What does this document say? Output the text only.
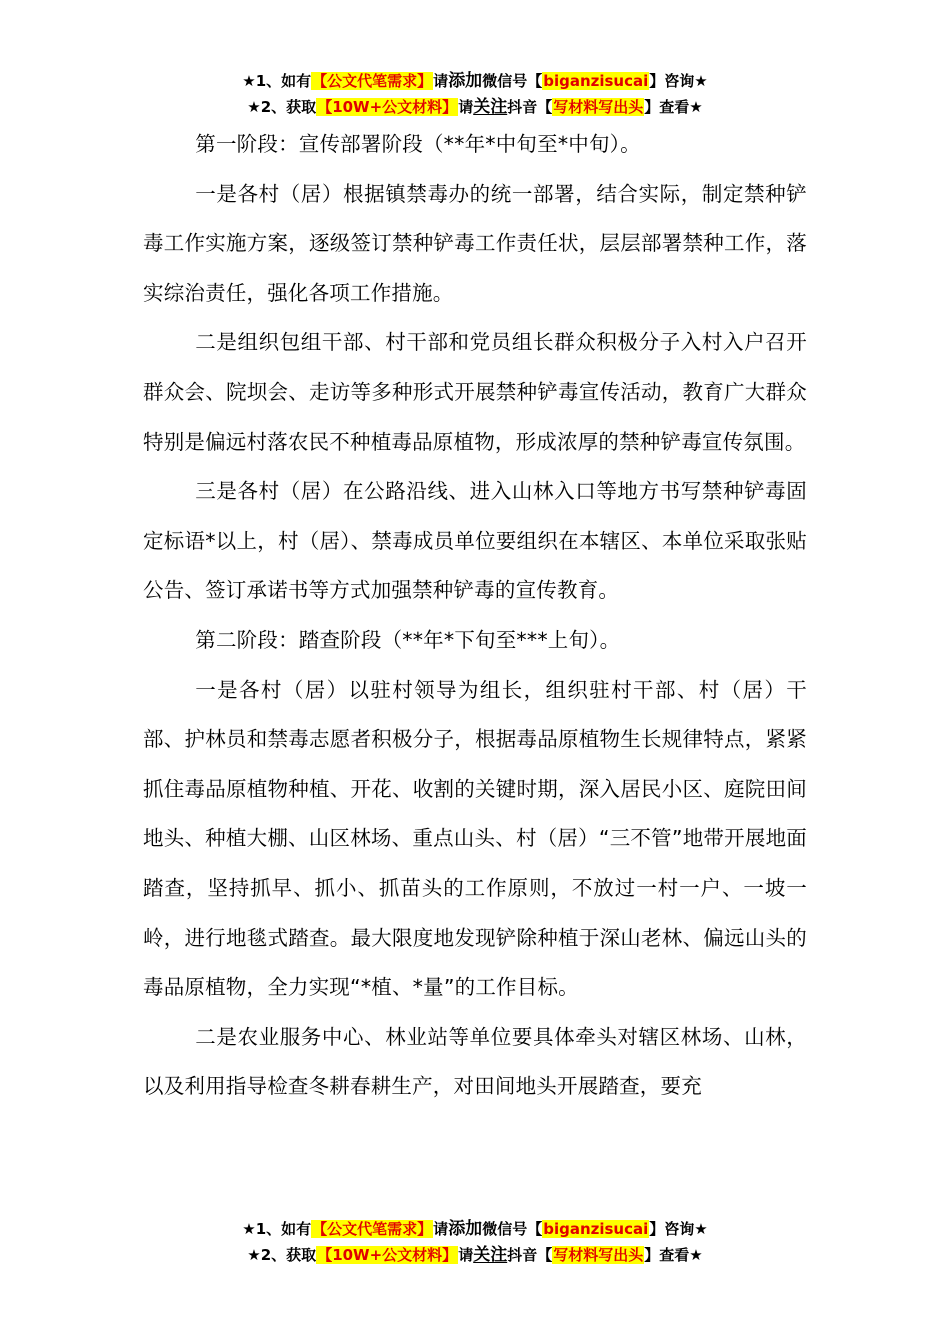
★1、如有【公文代笔需求】请添加微信号【biganzisucai】咨询★
★2、获取【10W+公文材料】请关注抖音【写材料写出头】查看★

第一阶段：宣传部署阶段（**年*中旬至*中旬）。

一是各村（居）根据镇禁毒办的统一部署，结合实际，制定禁种铲毒工作实施方案，逐级签订禁种铲毒工作责任状，层层部署禁种工作，落实综治责任，强化各项工作措施。

二是组织包组干部、村干部和党员组长群众积极分子入村入户召开群众会、院坝会、走访等多种形式开展禁种铲毒宣传活动，教育广大群众特别是偏远村落农民不种植毒品原植物，形成浓厚的禁种铲毒宣传氛围。

三是各村（居）在公路沿线、进入山林入口等地方书写禁种铲毒固定标语*以上，村（居）、禁毒成员单位要组织在本辖区、本单位采取张贴公告、签订承诺书等方式加强禁种铲毒的宣传教育。

第二阶段：踏查阶段（**年*下旬至***上旬）。

一是各村（居）以驻村领导为组长，组织驻村干部、村（居）干部、护林员和禁毒志愿者积极分子，根据毒品原植物生长规律特点，紧紧抓住毒品原植物种植、开花、收割的关键时期，深入居民小区、庭院田间地头、种植大棚、山区林场、重点山头、村（居）“三不管”地带开展地面踏查，坚持抓早、抓小、抓苗头的工作原则，不放过一村一户、一坡一岭，进行地毯式踏查。最大限度地发现铲除种植于深山老林、偏远山头的毒品原植物，全力实现“*植、*量”的工作目标。

二是农业服务中心、林业站等单位要具体牵头对辖区林场、山林，以及利用指导检查冬耕春耕生产，对田间地头开展踏查，要充

★1、如有【公文代笔需求】请添加微信号【biganzisucai】咨询★
★2、获取【10W+公文材料】请关注抖音【写材料写出头】查看★
